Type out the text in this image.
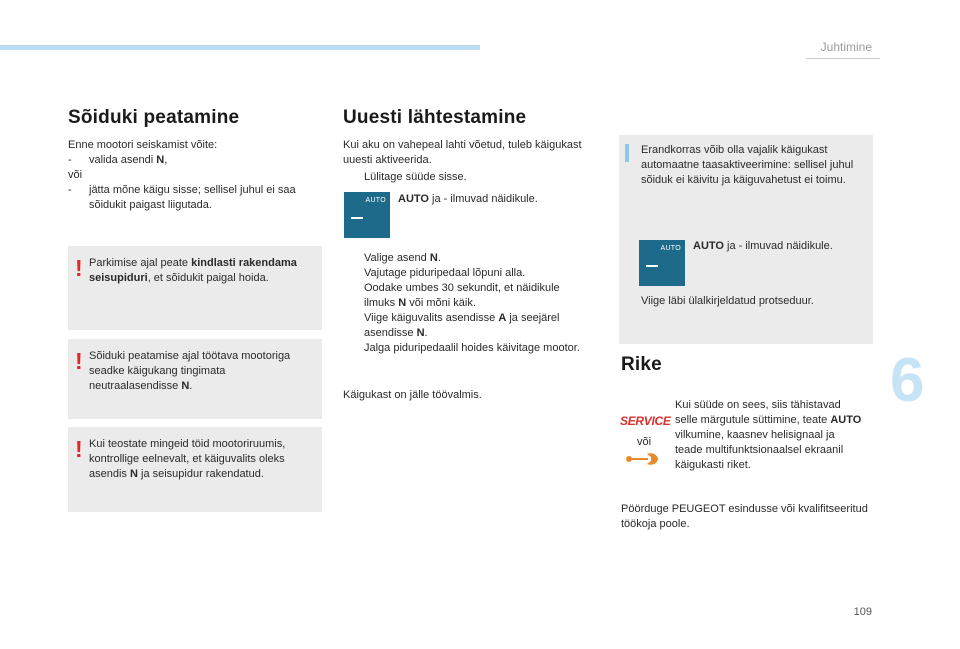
Juhtimine
6
109
Sõiduki peatamine
Enne mootori seiskamist võite:
- valida asendi N,
või
- jätta mõne käigu sisse; sellisel juhul ei saa sõidukit paigast liigutada.
! Parkimise ajal peate kindlasti rakendama seisupiduri, et sõidukit paigal hoida.
! Sõiduki peatamise ajal töötava mootoriga seadke käigukang tingimata neutraalasendisse N.
! Kui teostate mingeid töid mootoriruumis, kontrollige eelnevalt, et käiguvalits oleks asendis N ja seisupidur rakendatud.
Uuesti lähtestamine
Kui aku on vahepeal lahti võetud, tuleb käigukast uuesti aktiveerida.
Lülitage süüde sisse.
AUTO AUTO ja - ilmuvad näidikule.
Valige asend N.
Vajutage piduripedaal lõpuni alla.
Oodake umbes 30 sekundit, et näidikule ilmuks N või mõni käik.
Viige käiguvalits asendisse A ja seejärel asendisse N.
Jalga piduripedaalil hoides käivitage mootor.
Käigukast on jälle töövalmis.
Erandkorras võib olla vajalik käigukast automaatne taasaktiveerimine: sellisel juhul sõiduk ei käivitu ja käiguvahetust ei toimu.
AUTO AUTO ja - ilmuvad näidikule.
Viige läbi ülalkirjeldatud protseduur.
Rike
SERVICE
või
Kui süüde on sees, siis tähistavad selle märgutule süttimine, teate AUTO vilkumine, kaasnev helisignaal ja teade multifunktsionaalsel ekraanil käigukasti riket.
Pöörduge PEUGEOT esindusse või kvalifitseeritud töökoja poole.
